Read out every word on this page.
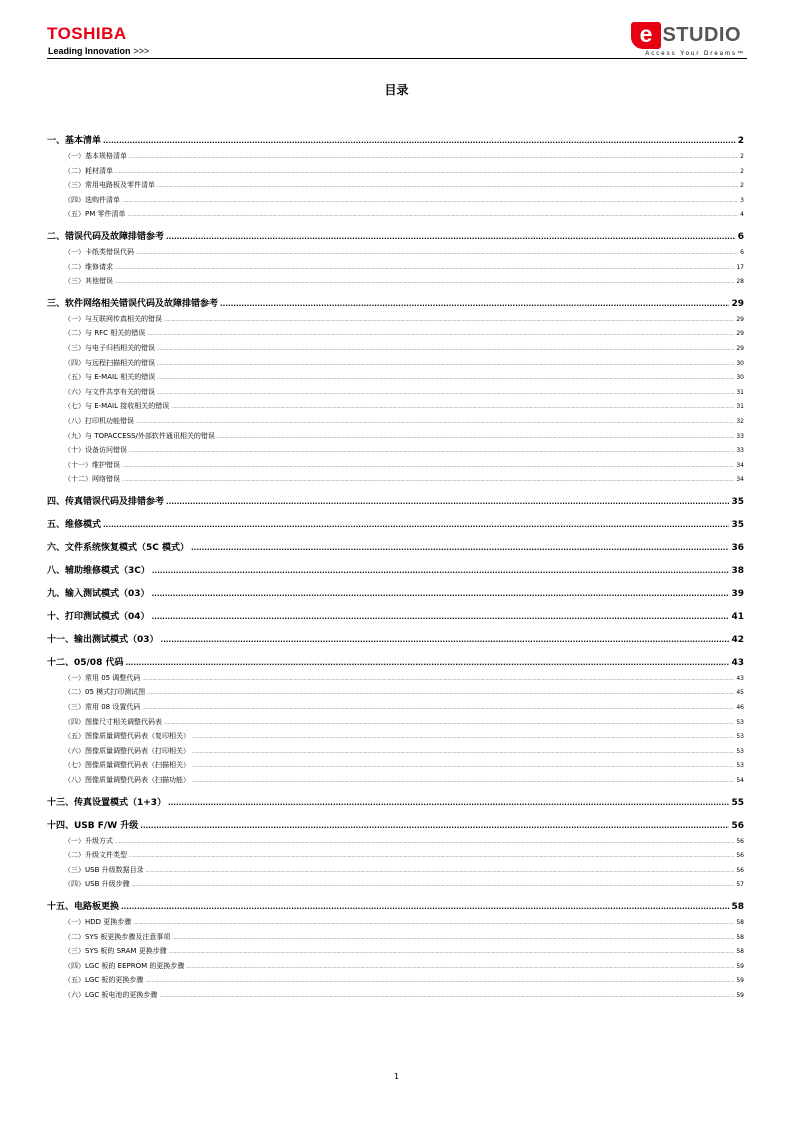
TOSHIBA
Leading Innovation >>>
e STUDIO
Access Your Dreams™
目录
一、基本清单 .....	2
（一）基本规格清单 .....	2
（二）耗材清单 .....	2
（三）常用电路板及零件清单 .....	2
（四）选购件清单 .....	3
（五）PM 零件清单 .....	4
二、错误代码及故障排错参考 .....	6
（一）卡纸类错误代码 .....	6
（二）维修请求 .....	17
（三）其他错误 .....	28
三、软件网络相关错误代码及故障排错参考 .....	29
（一）与互联网传真相关的错误 .....	29
（二）与 RFC 相关的错误 .....	29
（三）与电子归档相关的错误 .....	29
（四）与远程扫描相关的错误 .....	30
（五）与 E-MAIL 相关的错误 .....	30
（六）与文件共享有关的错误 .....	31
（七）与 E-MAIL 接收相关的错误 .....	31
（八）打印机功能错误 .....	32
（九）与 TOPACCESS/外部软件通讯相关的错误 .....	33
（十）设备访问错误 .....	33
（十一）维护错误 .....	34
（十二）网络错误 .....	34
四、传真错误代码及排错参考 .....	35
五、维修模式 .....	35
六、文件系统恢复模式（5C 模式） .....	36
八、辅助维修模式（3C） .....	38
九、输入测试模式（03） .....	39
十、打印测试模式（04） .....	41
十一、输出测试模式（03） .....	42
十二、05/08 代码 .....	43
（一）常用 05 调整代码 .....	43
（二）05 模式打印测试图 .....	45
（三）常用 08 设置代码 .....	46
（四）图像尺寸相关调整代码表 .....	53
（五）图像质量调整代码表（复印相关） .....	53
（六）图像质量调整代码表（打印相关） .....	53
（七）图像质量调整代码表（扫描相关） .....	53
（八）图像质量调整代码表（扫描功能） .....	54
十三、传真设置模式（1+3） .....	55
十四、USB F/W 升级 .....	56
（一）升级方式 .....	56
（二）升级文件类型 .....	56
（三）USB 升级数据目录 .....	56
（四）USB 升级步骤 .....	57
十五、电路板更换 .....	58
（一）HDD 更换步骤 .....	58
（二）SYS 板更换步骤及注意事项 .....	58
（三）SYS 板的 SRAM 更换步骤 .....	58
（四）LGC 板的 EEPROM 的更换步骤 .....	59
（五）LGC 板的更换步骤 .....	59
（六）LGC 板电池的更换步骤 .....	59
1
